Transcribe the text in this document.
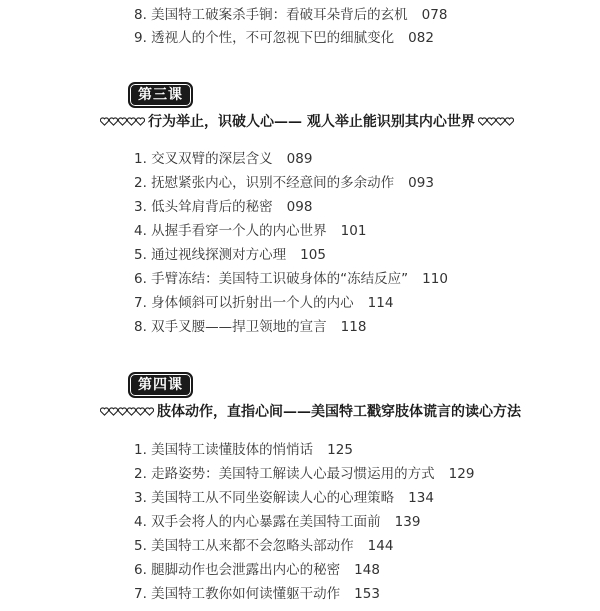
8. 美国特工破案杀手锏：看破耳朵背后的玄机 078
9. 透视人的个性，不可忽视下巴的细腻变化 082
第三课
行为举止，识破人心—— 观人举止能识别其内心世界
1. 交叉双臂的深层含义 089
2. 抚慰紧张内心，识别不经意间的多余动作 093
3. 低头耸肩背后的秘密 098
4. 从握手看穿一个人的内心世界 101
5. 通过视线探测对方心理 105
6. 手臂冻结：美国特工识破身体的“冻结反应” 110
7. 身体倾斜可以折射出一个人的内心 114
8. 双手叉腰——捍卫领地的宣言 118
第四课
肢体动作，直指心间——美国特工戳穿肢体谎言的读心方法
1. 美国特工读懂肢体的悄悄话 125
2. 走路姿势：美国特工解读人心最习惯运用的方式 129
3. 美国特工从不同坐姿解读人心的心理策略 134
4. 双手会将人的内心暴露在美国特工面前 139
5. 美国特工从来都不会忽略头部动作 144
6. 腿脚动作也会泄露出内心的秘密 148
7. 美国特工教你如何读懂躯干动作 153
